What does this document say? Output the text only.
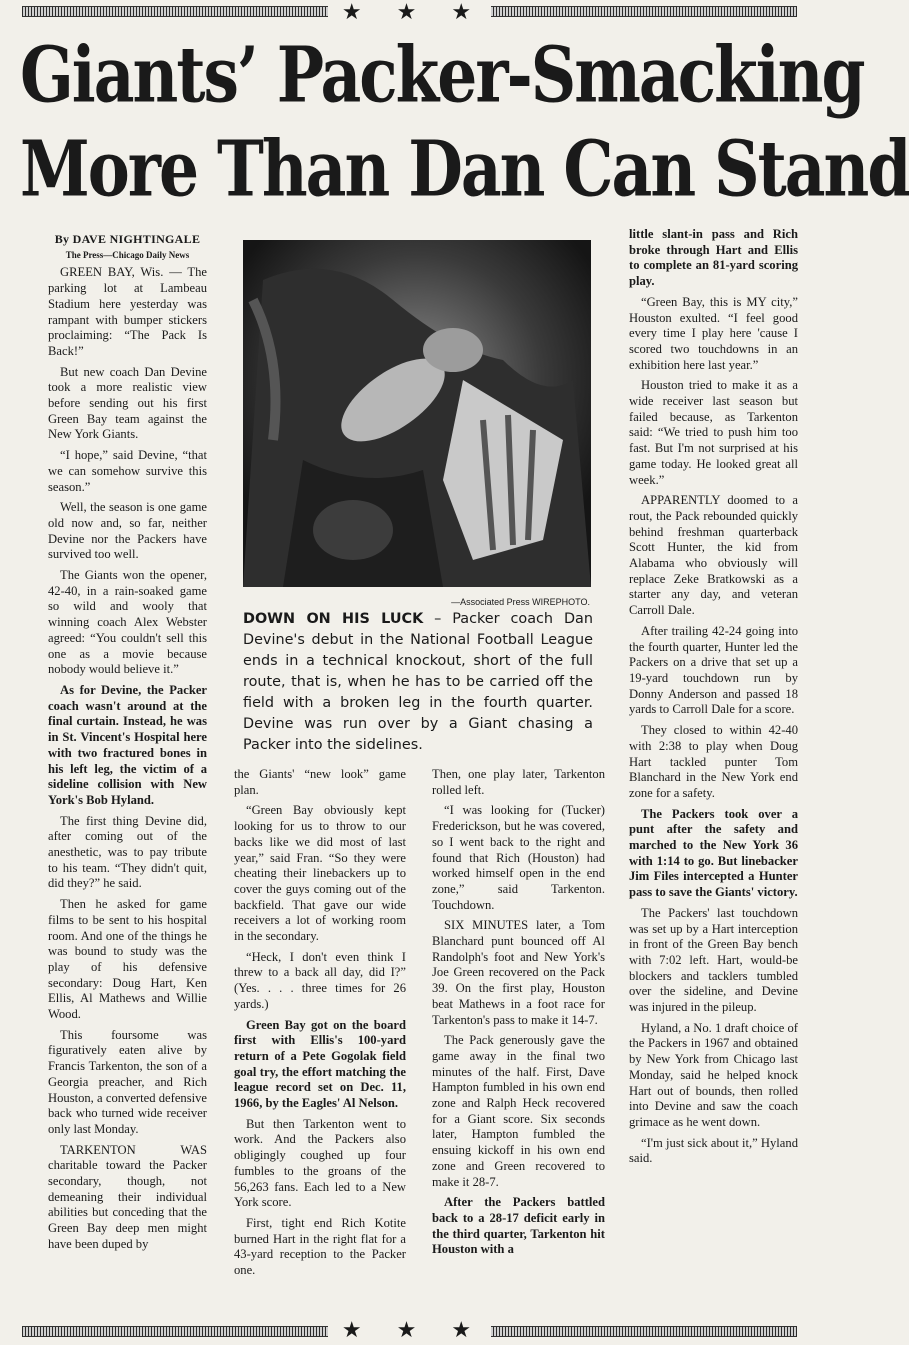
★ ★ ★
Giants’ Packer-Smacking
More Than Dan Can Stand

By DAVE NIGHTINGALE

The Press—Chicago Daily News

GREEN BAY, Wis. — The parking lot at Lambeau Stadium here yesterday was rampant with bumper stickers proclaiming: “The Pack Is Back!”

But new coach Dan Devine took a more realistic view before sending out his first Green Bay team against the New York Giants.

“I hope,” said Devine, “that we can somehow survive this season.”

Well, the season is one game old now and, so far, neither Devine nor the Packers have survived too well.

The Giants won the opener, 42-40, in a rain-soaked game so wild and wooly that winning coach Alex Webster agreed: “You couldn't sell this one as a movie because nobody would believe it.”

As for Devine, the Packer coach wasn't around at the final curtain. Instead, he was in St. Vincent's Hospital here with two fractured bones in his left leg, the victim of a sideline collision with New York's Bob Hyland.

The first thing Devine did, after coming out of the anesthetic, was to pay tribute to his team. “They didn't quit, did they?” he said.

Then he asked for game films to be sent to his hospital room. And one of the things he was bound to study was the play of his defensive secondary: Doug Hart, Ken Ellis, Al Mathews and Willie Wood.

This foursome was figuratively eaten alive by Francis Tarkenton, the son of a Georgia preacher, and Rich Houston, a converted defensive back who turned wide receiver only last Monday.

TARKENTON WAS charitable toward the Packer secondary, though, not demeaning their individual abilities but conceding that the Green Bay deep men might have been duped by

—Associated Press WIREPHOTO.
DOWN ON HIS LUCK – Packer coach Dan Devine's debut in the National Football League ends in a technical knockout, short of the full route, that is, when he has to be carried off the field with a broken leg in the fourth quarter. Devine was run over by a Giant chasing a Packer into the sidelines.

the Giants' “new look” game plan.

“Green Bay obviously kept looking for us to throw to our backs like we did most of last year,” said Fran. “So they were cheating their linebackers up to cover the guys coming out of the backfield. That gave our wide receivers a lot of working room in the secondary.

“Heck, I don't even think I threw to a back all day, did I?” (Yes. . . . three times for 26 yards.)

Green Bay got on the board first with Ellis's 100-yard return of a Pete Gogolak field goal try, the effort matching the league record set on Dec. 11, 1966, by the Eagles' Al Nelson.

But then Tarkenton went to work. And the Packers also obligingly coughed up four fumbles to the groans of the 56,263 fans. Each led to a New York score.

First, tight end Rich Kotite burned Hart in the right flat for a 43-yard reception to the Packer one.

Then, one play later, Tarkenton rolled left.

“I was looking for (Tucker) Frederickson, but he was covered, so I went back to the right and found that Rich (Houston) had worked himself open in the end zone,” said Tarkenton. Touchdown.

SIX MINUTES later, a Tom Blanchard punt bounced off Al Randolph's foot and New York's Joe Green recovered on the Pack 39. On the first play, Houston beat Mathews in a foot race for Tarkenton's pass to make it 14-7.

The Pack generously gave the game away in the final two minutes of the half. First, Dave Hampton fumbled in his own end zone and Ralph Heck recovered for a Giant score. Six seconds later, Hampton fumbled the ensuing kickoff in his own end zone and Green recovered to make it 28-7.

After the Packers battled back to a 28-17 deficit early in the third quarter, Tarkenton hit Houston with a

little slant-in pass and Rich broke through Hart and Ellis to complete an 81-yard scoring play.

“Green Bay, this is MY city,” Houston exulted. “I feel good every time I play here 'cause I scored two touchdowns in an exhibition here last year.”

Houston tried to make it as a wide receiver last season but failed because, as Tarkenton said: “We tried to push him too fast. But I'm not surprised at his game today. He looked great all week.”

APPARENTLY doomed to a rout, the Pack rebounded quickly behind freshman quarterback Scott Hunter, the kid from Alabama who obviously will replace Zeke Bratkowski as a starter any day, and veteran Carroll Dale.

After trailing 42-24 going into the fourth quarter, Hunter led the Packers on a drive that set up a 19-yard touchdown run by Donny Anderson and passed 18 yards to Carroll Dale for a score.

They closed to within 42-40 with 2:38 to play when Doug Hart tackled punter Tom Blanchard in the New York end zone for a safety.

The Packers took over a punt after the safety and marched to the New York 36 with 1:14 to go. But linebacker Jim Files intercepted a Hunter pass to save the Giants' victory.

The Packers' last touchdown was set up by a Hart interception in front of the Green Bay bench with 7:02 left. Hart, would-be blockers and tacklers tumbled over the sideline, and Devine was injured in the pileup.

Hyland, a No. 1 draft choice of the Packers in 1967 and obtained by New York from Chicago last Monday, said he helped knock Hart out of bounds, then rolled into Devine and saw the coach grimace as he went down.

“I'm just sick about it,” Hyland said.

★ ★ ★
